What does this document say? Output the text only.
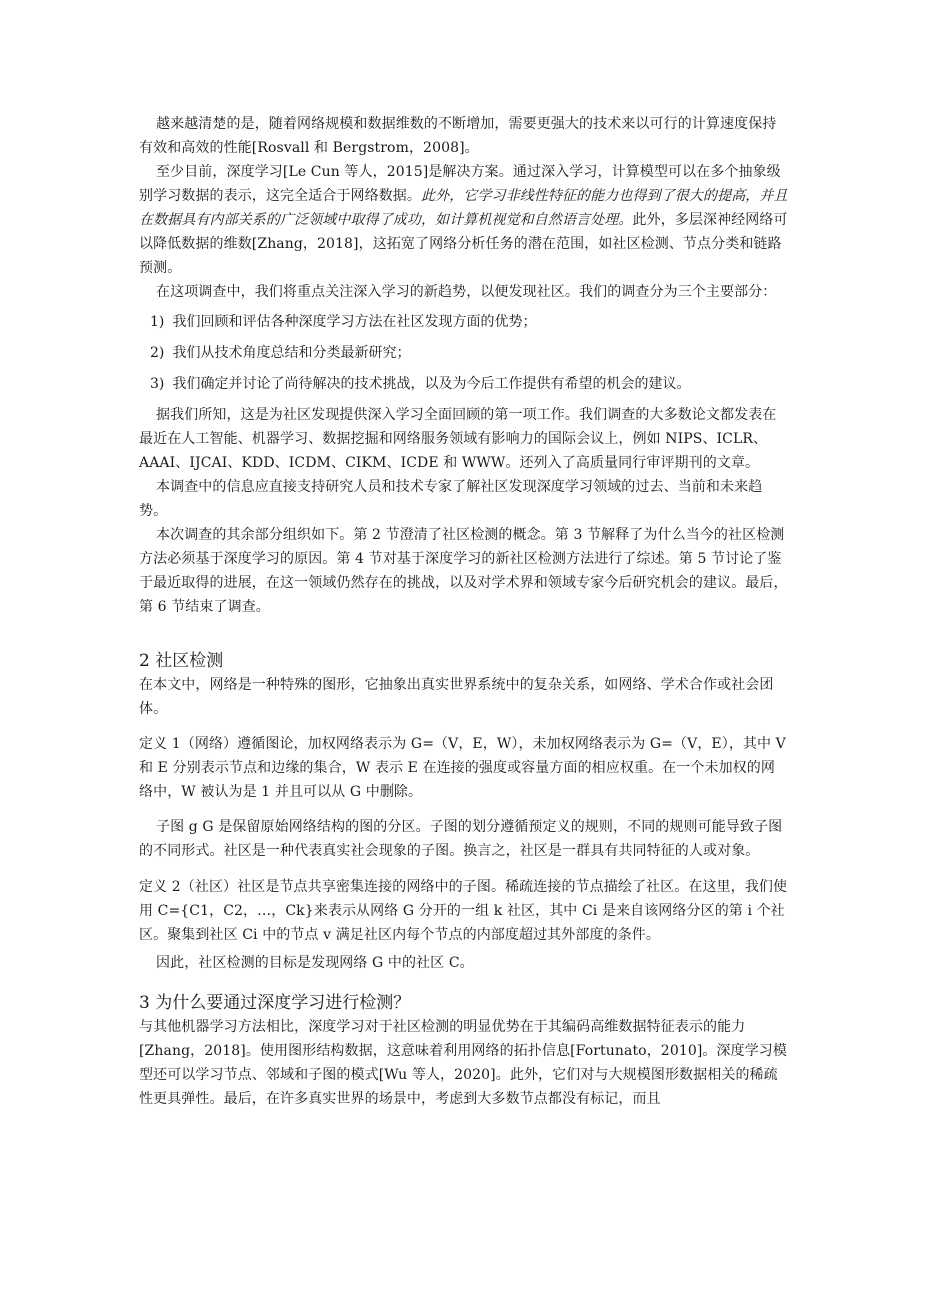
越来越清楚的是，随着网络规模和数据维数的不断增加，需要更强大的技术来以可行的计算速度保持有效和高效的性能[Rosvall 和 Bergstrom，2008]。

至少目前，深度学习[Le Cun 等人，2015]是解决方案。通过深入学习，计算模型可以在多个抽象级别学习数据的表示，这完全适合于网络数据。此外，它学习非线性特征的能力也得到了很大的提高，并且在数据具有内部关系的广泛领域中取得了成功，如计算机视觉和自然语言处理。此外，多层深神经网络可以降低数据的维数[Zhang，2018]，这拓宽了网络分析任务的潜在范围，如社区检测、节点分类和链路预测。

在这项调查中，我们将重点关注深入学习的新趋势，以便发现社区。我们的调查分为三个主要部分：

1) 我们回顾和评估各种深度学习方法在社区发现方面的优势；
2) 我们从技术角度总结和分类最新研究；
3) 我们确定并讨论了尚待解决的技术挑战，以及为今后工作提供有希望的机会的建议。

据我们所知，这是为社区发现提供深入学习全面回顾的第一项工作。我们调查的大多数论文都发表在最近在人工智能、机器学习、数据挖掘和网络服务领域有影响力的国际会议上，例如 NIPS、ICLR、AAAI、IJCAI、KDD、ICDM、CIKM、ICDE 和 WWW。还列入了高质量同行审评期刊的文章。

本调查中的信息应直接支持研究人员和技术专家了解社区发现深度学习领域的过去、当前和未来趋势。

本次调查的其余部分组织如下。第 2 节澄清了社区检测的概念。第 3 节解释了为什么当今的社区检测方法必须基于深度学习的原因。第 4 节对基于深度学习的新社区检测方法进行了综述。第 5 节讨论了鉴于最近取得的进展，在这一领域仍然存在的挑战，以及对学术界和领域专家今后研究机会的建议。最后，第 6 节结束了调查。

2 社区检测

在本文中，网络是一种特殊的图形，它抽象出真实世界系统中的复杂关系，如网络、学术合作或社会团体。

定义 1（网络）遵循图论，加权网络表示为 G=（V，E，W），未加权网络表示为 G=（V，E），其中 V 和 E 分别表示节点和边缘的集合，W 表示 E 在连接的强度或容量方面的相应权重。在一个未加权的网络中，W 被认为是 1 并且可以从 G 中删除。

子图 g G 是保留原始网络结构的图的分区。子图的划分遵循预定义的规则，不同的规则可能导致子图的不同形式。社区是一种代表真实社会现象的子图。换言之，社区是一群具有共同特征的人或对象。

定义 2（社区）社区是节点共享密集连接的网络中的子图。稀疏连接的节点描绘了社区。在这里，我们使用 C={C1，C2，…，Ck}来表示从网络 G 分开的一组 k 社区，其中 Ci 是来自该网络分区的第 i 个社区。聚集到社区 Ci 中的节点 v 满足社区内每个节点的内部度超过其外部度的条件。

因此，社区检测的目标是发现网络 G 中的社区 C。

3 为什么要通过深度学习进行检测？

与其他机器学习方法相比，深度学习对于社区检测的明显优势在于其编码高维数据特征表示的能力[Zhang，2018]。使用图形结构数据，这意味着利用网络的拓扑信息[Fortunato，2010]。深度学习模型还可以学习节点、邻域和子图的模式[Wu 等人，2020]。此外，它们对与大规模图形数据相关的稀疏性更具弹性。最后，在许多真实世界的场景中，考虑到大多数节点都没有标记，而且
